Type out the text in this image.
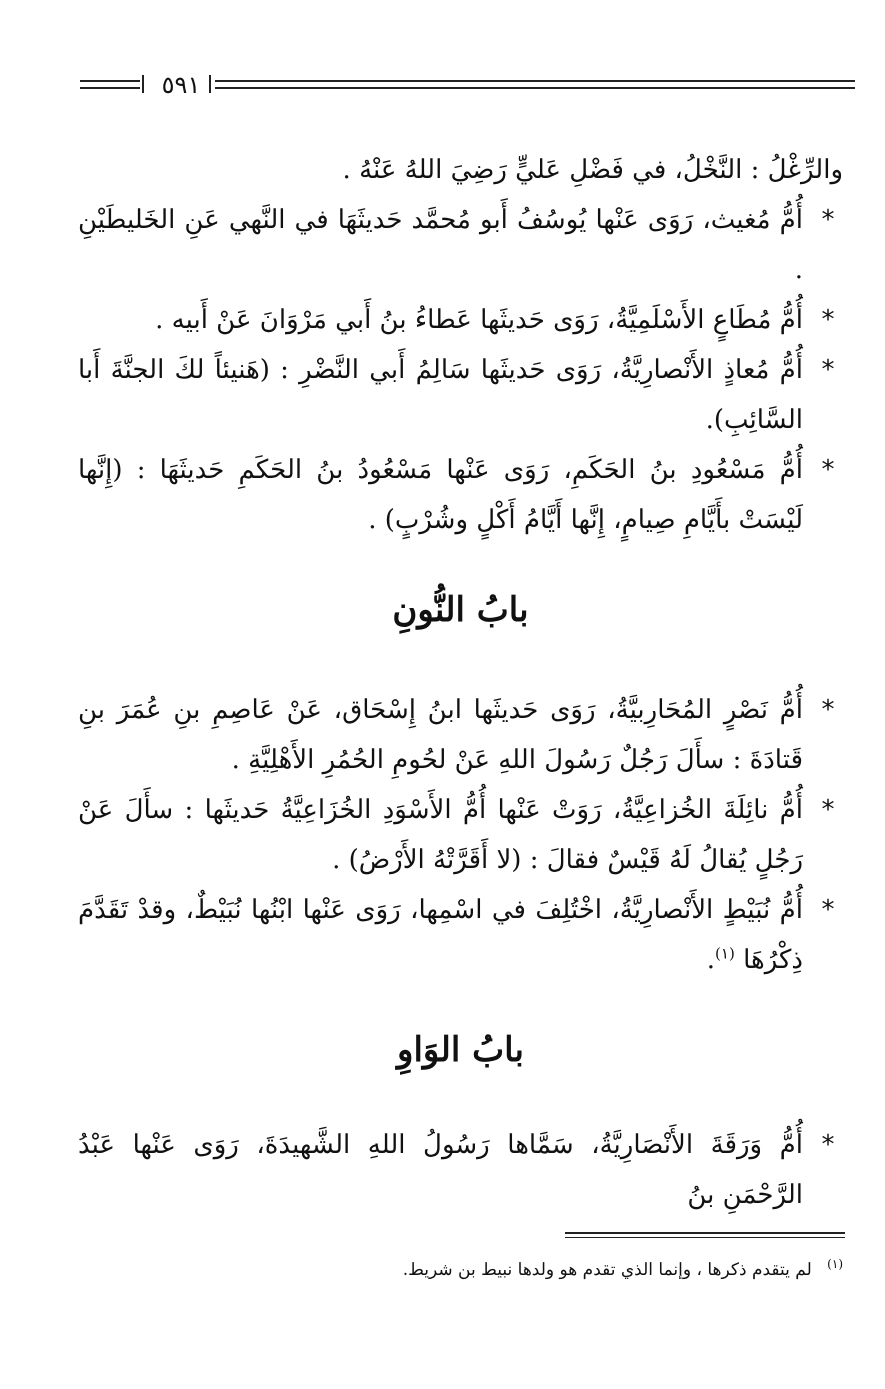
٥٩١

والرِّغْلُ : النَّخْلُ، في فَضْلِ عَليٍّ رَضِيَ اللهُ عَنْهُ .

*
أُمُّ مُغيث، رَوَى عَنْها يُوسُفُ أَبو مُحمَّد حَديثَهَا في النَّهي عَنِ الخَليطَيْنِ .

*
أُمُّ مُطَاعٍ الأَسْلَمِيَّةُ، رَوَى حَديثَها عَطاءُ بنُ أَبي مَرْوَانَ عَنْ أَبيه .

*
أُمُّ مُعاذٍ الأَنْصارِيَّةُ، رَوَى حَديثَها سَالِمُ أَبي النَّضْرِ : (هَنيئاً لكَ الجنَّةَ أَبا السَّائِبِ).

*
أُمُّ مَسْعُودِ بنُ الحَكَمِ، رَوَى عَنْها مَسْعُودُ بنُ الحَكَمِ حَديثَهَا : (إِنَّها لَيْسَتْ بأَيَّامِ صِيامٍ، إِنَّها أَيَّامُ أَكْلٍ وشُرْبٍ) .

بابُ النُّونِ

*
أُمُّ نَصْرٍ المُحَارِبيَّةُ، رَوَى حَديثَها ابنُ إِسْحَاق، عَنْ عَاصِمِ بنِ عُمَرَ بنِ قَتادَةَ : سأَلَ رَجُلٌ رَسُولَ اللهِ عَنْ لحُومِ الحُمُرِ الأَهْلِيَّةِ .

*
أُمُّ نائِلَةَ الخُزاعِيَّةُ، رَوَتْ عَنْها أُمُّ الأَسْوَدِ الخُزَاعِيَّةُ حَديثَها : سأَلَ عَنْ رَجُلٍ يُقالُ لَهُ قَيْسٌ فقالَ : (لا أَقَرَّتْهُ الأَرْضُ) .

*
أُمُّ نُبَيْطٍ الأَنْصارِيَّةُ، اخْتُلِفَ في اسْمِها، رَوَى عَنْها ابْنُها نُبَيْطٌ، وقدْ تَقَدَّمَ ذِكْرُهَا $^{(١)}$.

بابُ الوَاوِ

*
أُمُّ وَرَقَةَ الأَنْصَارِيَّةُ، سَمَّاها رَسُولُ اللهِ الشَّهيدَةَ، رَوَى عَنْها عَبْدُ الرَّحْمَنِ بنُ

$^{(١)}$ لم يتقدم ذكرها ، وإنما الذي تقدم هو ولدها نبيط بن شريط.
